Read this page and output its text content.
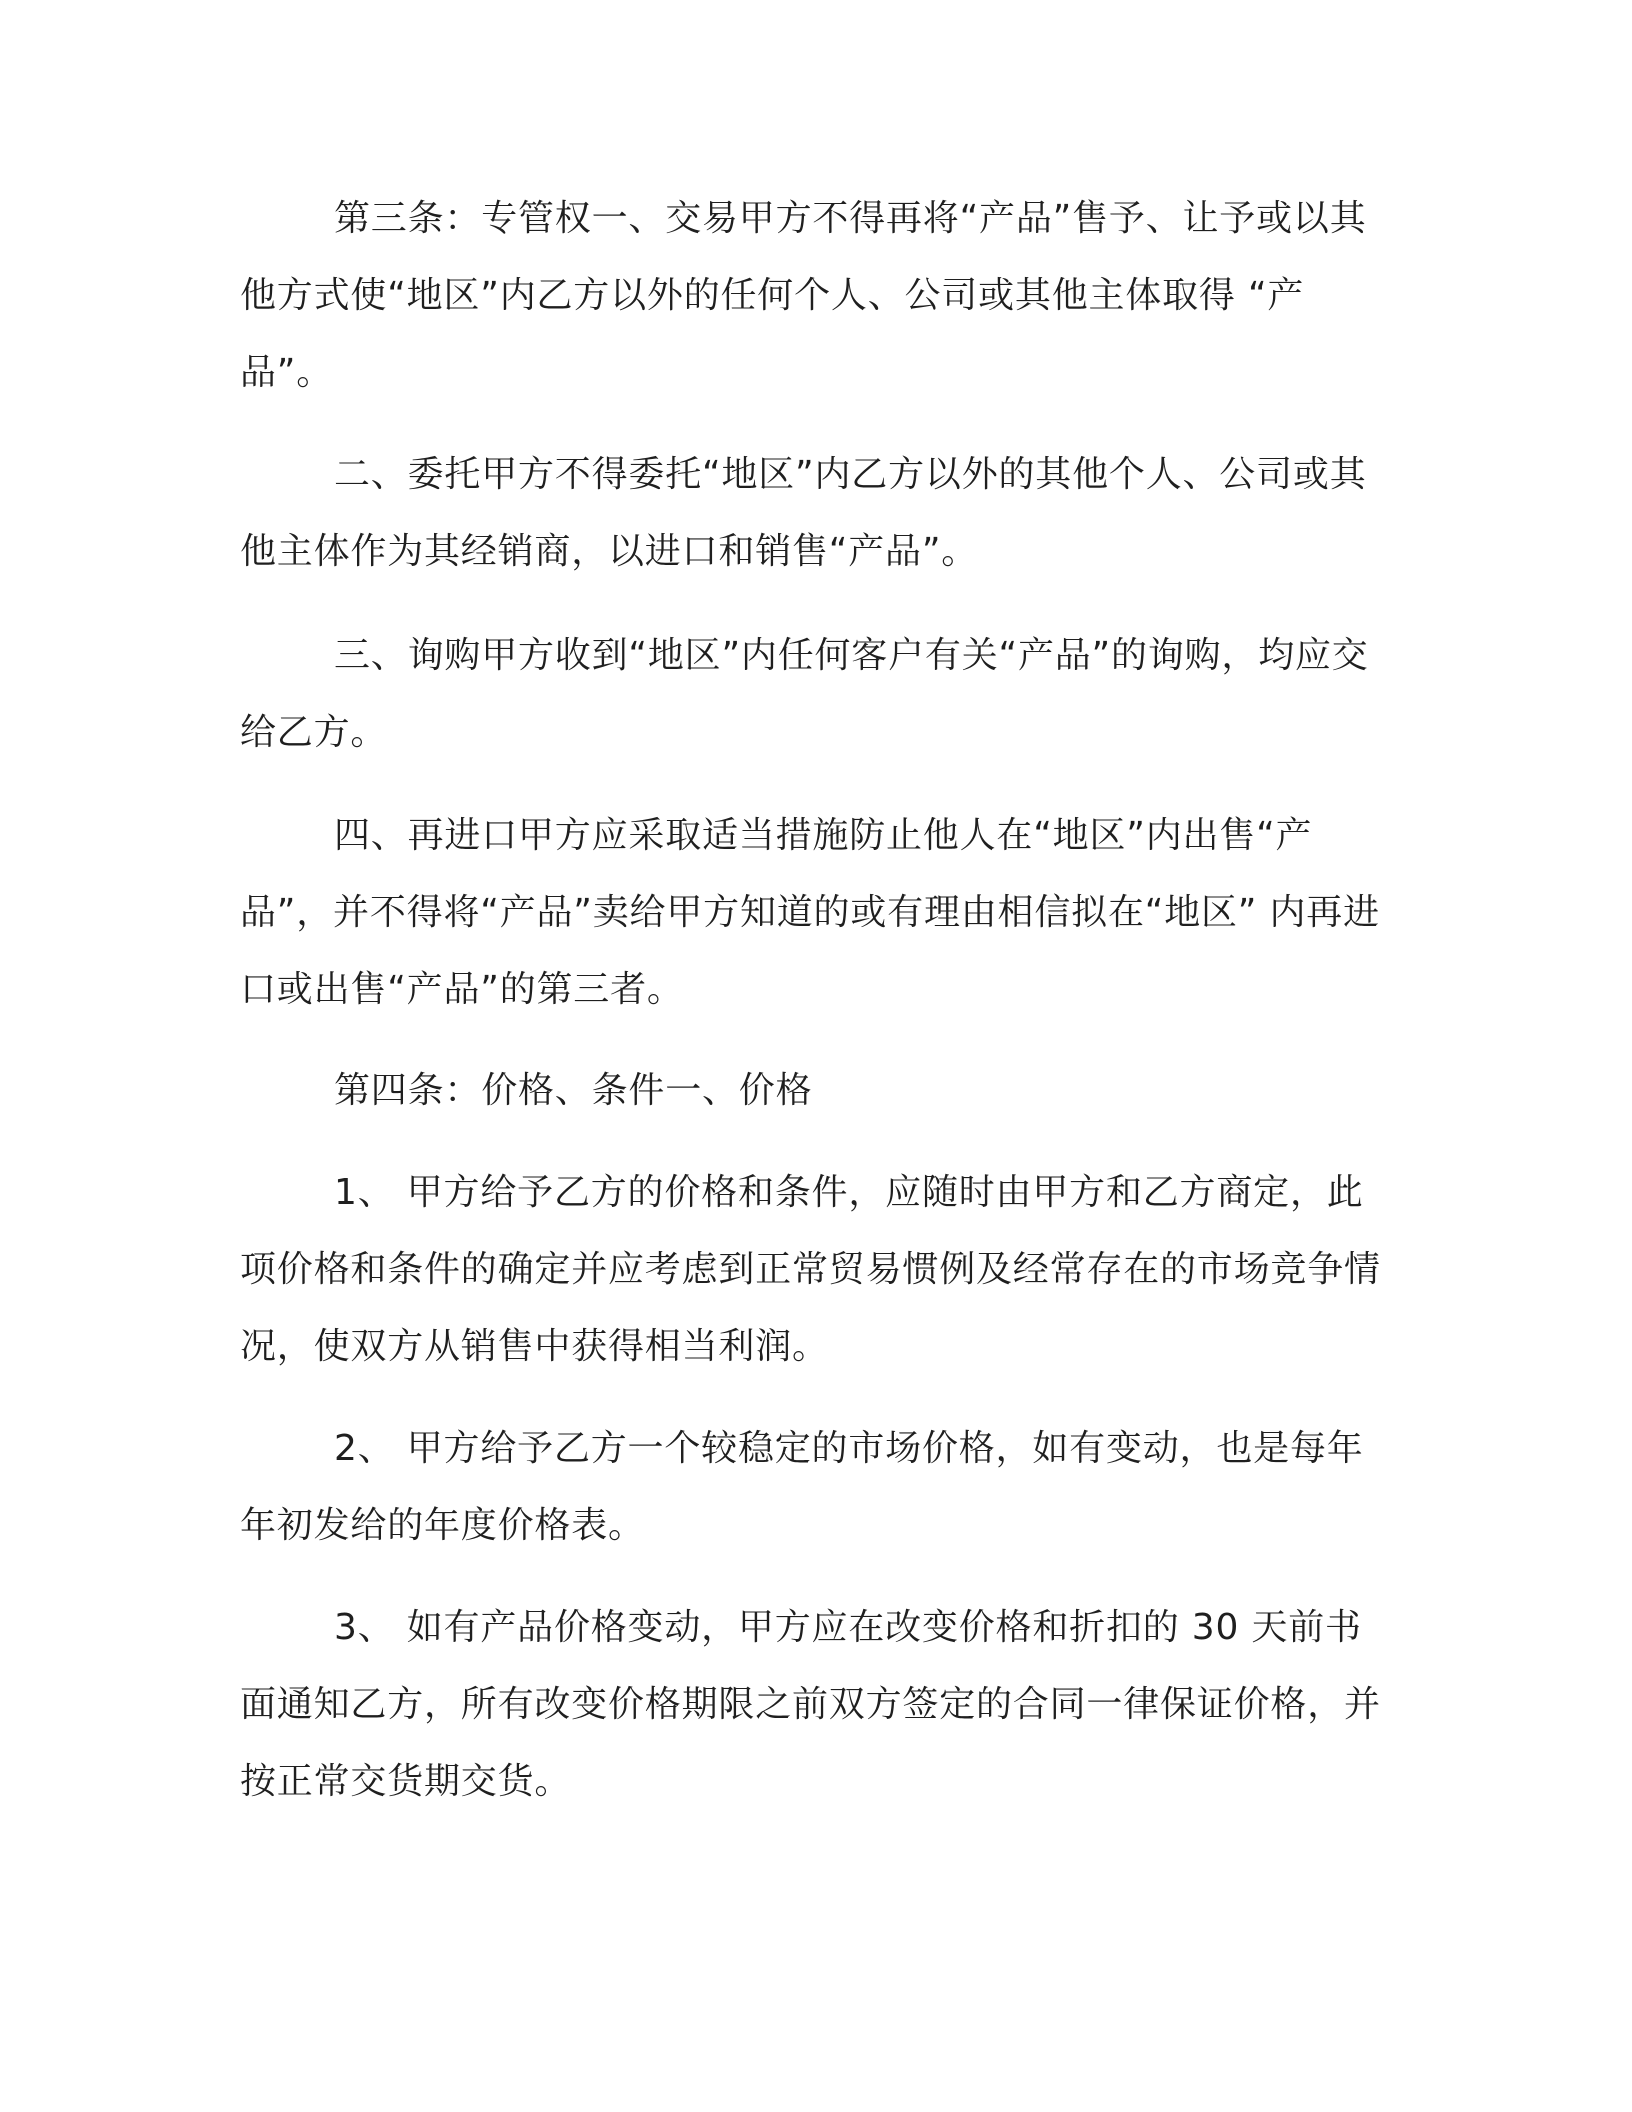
第三条：专管权一、交易甲方不得再将“产品”售予、让予或以其他方式使“地区”内乙方以外的任何个人、公司或其他主体取得 “产品”。

二、委托甲方不得委托“地区”内乙方以外的其他个人、公司或其他主体作为其经销商，以进口和销售“产品”。

三、询购甲方收到“地区”内任何客户有关“产品”的询购，均应交给乙方。

四、再进口甲方应采取适当措施防止他人在“地区”内出售“产品”，并不得将“产品”卖给甲方知道的或有理由相信拟在“地区” 内再进口或出售“产品”的第三者。

第四条：价格、条件一、价格

1、 甲方给予乙方的价格和条件，应随时由甲方和乙方商定，此项价格和条件的确定并应考虑到正常贸易惯例及经常存在的市场竞争情况，使双方从销售中获得相当利润。

2、 甲方给予乙方一个较稳定的市场价格，如有变动，也是每年年初发给的年度价格表。

3、 如有产品价格变动，甲方应在改变价格和折扣的 30 天前书面通知乙方，所有改变价格期限之前双方签定的合同一律保证价格，并按正常交货期交货。
